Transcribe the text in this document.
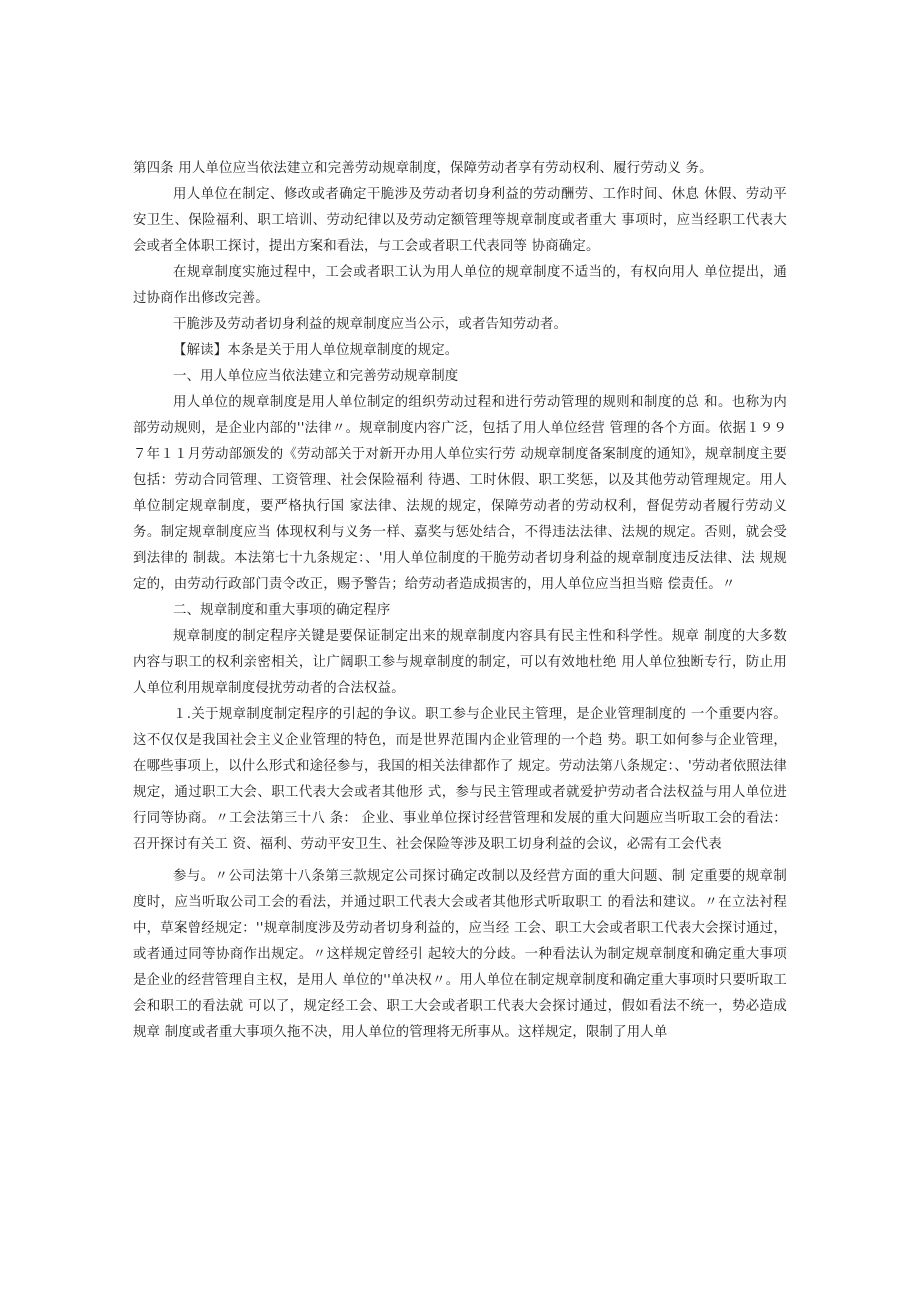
第四条 用人单位应当依法建立和完善劳动规章制度，保障劳动者享有劳动权利、履行劳动义 务。

用人单位在制定、修改或者确定干脆涉及劳动者切身利益的劳动酬劳、工作时间、休息 休假、劳动平安卫生、保险福利、职工培训、劳动纪律以及劳动定额管理等规章制度或者重大 事项时，应当经职工代表大会或者全体职工探讨，提出方案和看法，与工会或者职工代表同等 协商确定。

在规章制度实施过程中，工会或者职工认为用人单位的规章制度不适当的，有权向用人 单位提出，通过协商作出修改完善。

干脆涉及劳动者切身利益的规章制度应当公示，或者告知劳动者。

【解读】本条是关于用人单位规章制度的规定。

一、用人单位应当依法建立和完善劳动规章制度

用人单位的规章制度是用人单位制定的组织劳动过程和进行劳动管理的规则和制度的总 和。也称为内部劳动规则，是企业内部的''法律〃。规章制度内容广泛，包括了用人单位经营 管理的各个方面。依据１９９７年１１月劳动部颁发的《劳动部关于对新开办用人单位实行劳 动规章制度备案制度的通知》，规章制度主要包括：劳动合同管理、工资管理、社会保险福利 待遇、工时休假、职工奖惩，以及其他劳动管理规定。用人单位制定规章制度，要严格执行国 家法律、法规的规定，保障劳动者的劳动权利，督促劳动者履行劳动义务。制定规章制度应当 体现权利与义务一样、嘉奖与惩处结合，不得违法法律、法规的规定。否则，就会受到法律的 制裁。本法第七十九条规定：、'用人单位制度的干脆劳动者切身利益的规章制度违反法律、法 规规定的，由劳动行政部门责令改正，赐予警告；给劳动者造成损害的，用人单位应当担当赔 偿责任。〃

二、规章制度和重大事项的确定程序

规章制度的制定程序关键是要保证制定出来的规章制度内容具有民主性和科学性。规章 制度的大多数内容与职工的权利亲密相关，让广阔职工参与规章制度的制定，可以有效地杜绝 用人单位独断专行，防止用人单位利用规章制度侵扰劳动者的合法权益。

１.关于规章制度制定程序的引起的争议。职工参与企业民主管理，是企业管理制度的 一个重要内容。这不仅仅是我国社会主义企业管理的特色，而是世界范围内企业管理的一个趋 势。职工如何参与企业管理，在哪些事项上，以什么形式和途径参与，我国的相关法律都作了 规定。劳动法第八条规定：、'劳动者依照法律规定，通过职工大会、职工代表大会或者其他形 式，参与民主管理或者就爱护劳动者合法权益与用人单位进行同等协商。〃工会法第三十八 条： 企业、事业单位探讨经营管理和发展的重大问题应当听取工会的看法：召开探讨有关工 资、福利、劳动平安卫生、社会保险等涉及职工切身利益的会议，必需有工会代表

参与。〃公司法第十八条第三款规定公司探讨确定改制以及经营方面的重大问题、制 定重要的规章制度时，应当听取公司工会的看法，并通过职工代表大会或者其他形式听取职工 的看法和建议。〃在立法衬程中，草案曾经规定：''规章制度涉及劳动者切身利益的，应当经 工会、职工大会或者职工代表大会探讨通过，或者通过同等协商作出规定。〃这样规定曾经引 起较大的分歧。一种看法认为制定规章制度和确定重大事项是企业的经营管理自主权，是用人 单位的''单决权〃。用人单位在制定规章制度和确定重大事项时只要听取工会和职工的看法就 可以了，规定经工会、职工大会或者职工代表大会探讨通过，假如看法不统一，势必造成规章 制度或者重大事项久拖不决，用人单位的管理将无所事从。这样规定，限制了用人单
